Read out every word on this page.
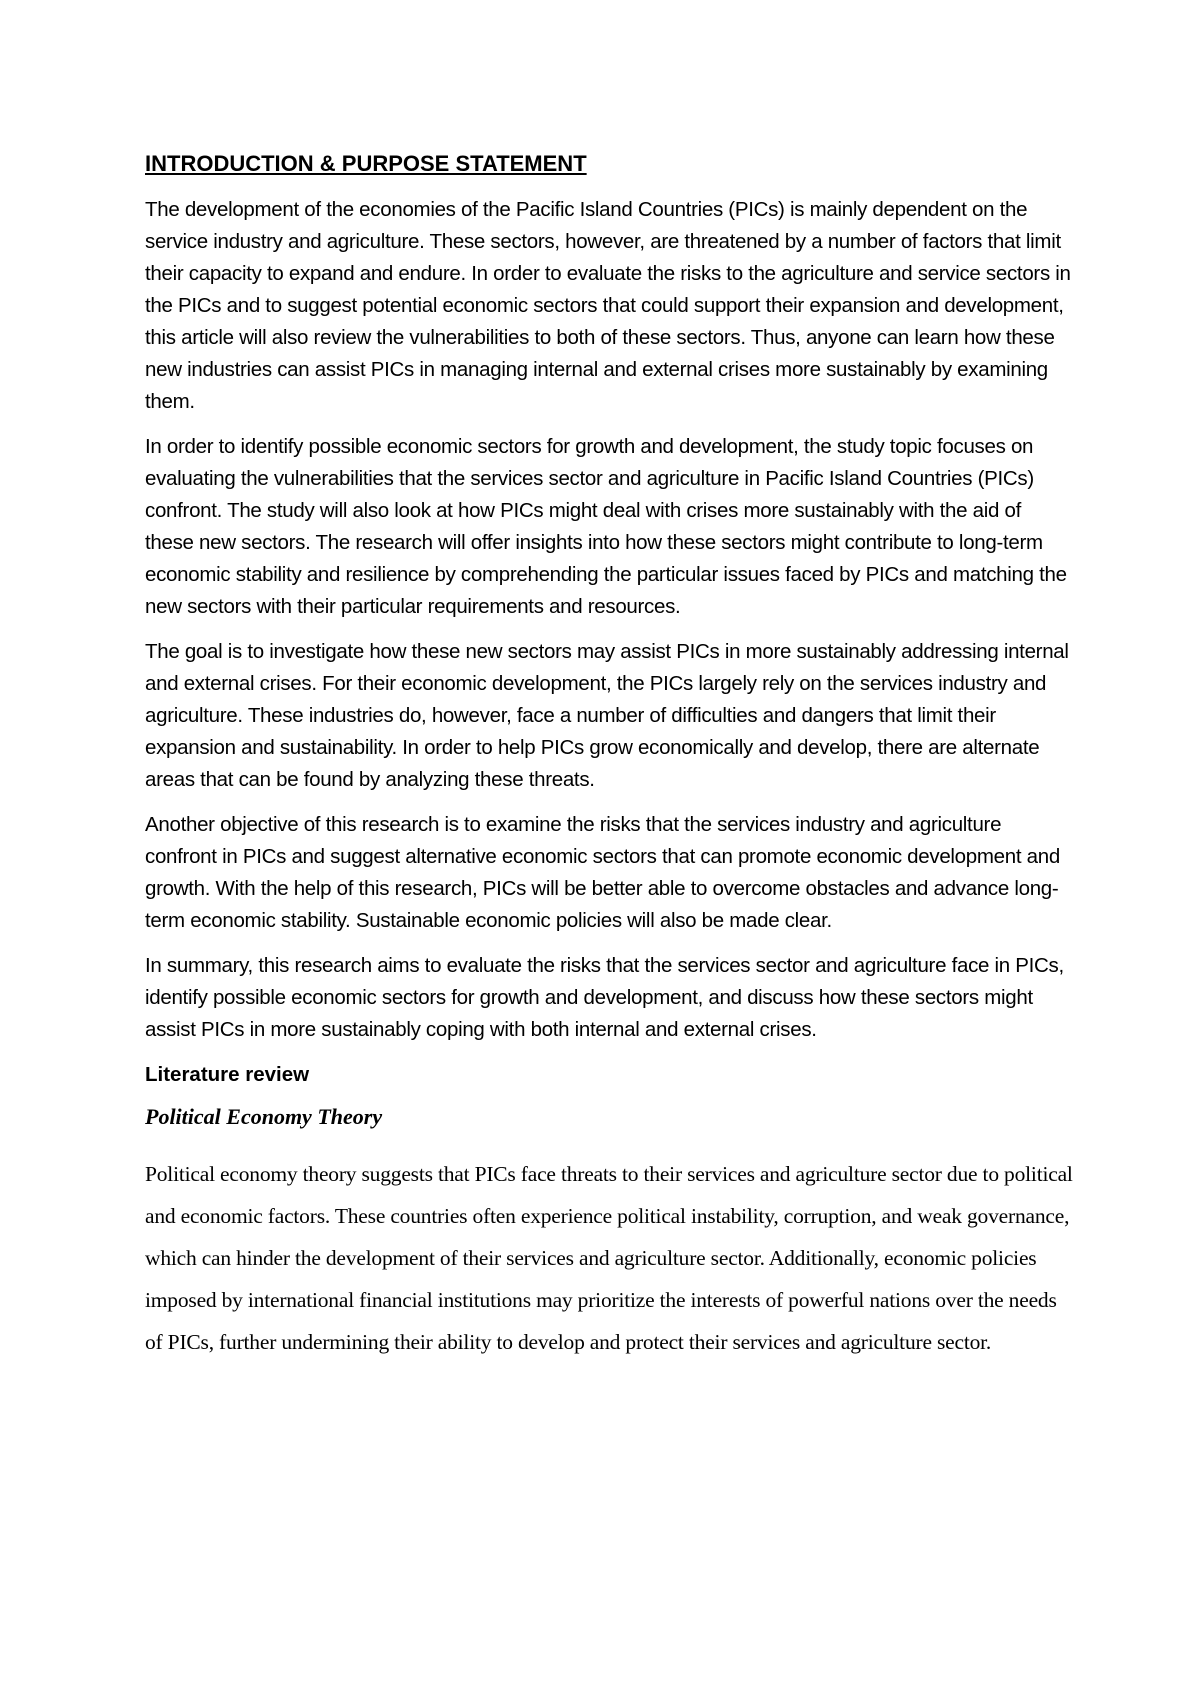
INTRODUCTION & PURPOSE STATEMENT

The development of the economies of the Pacific Island Countries (PICs) is mainly dependent on the service industry and agriculture. These sectors, however, are threatened by a number of factors that limit their capacity to expand and endure. In order to evaluate the risks to the agriculture and service sectors in the PICs and to suggest potential economic sectors that could support their expansion and development, this article will also review the vulnerabilities to both of these sectors. Thus, anyone can learn how these new industries can assist PICs in managing internal and external crises more sustainably by examining them.

In order to identify possible economic sectors for growth and development, the study topic focuses on evaluating the vulnerabilities that the services sector and agriculture in Pacific Island Countries (PICs) confront. The study will also look at how PICs might deal with crises more sustainably with the aid of these new sectors. The research will offer insights into how these sectors might contribute to long-term economic stability and resilience by comprehending the particular issues faced by PICs and matching the new sectors with their particular requirements and resources.

The goal is to investigate how these new sectors may assist PICs in more sustainably addressing internal and external crises. For their economic development, the PICs largely rely on the services industry and agriculture. These industries do, however, face a number of difficulties and dangers that limit their expansion and sustainability. In order to help PICs grow economically and develop, there are alternate areas that can be found by analyzing these threats.

Another objective of this research is to examine the risks that the services industry and agriculture confront in PICs and suggest alternative economic sectors that can promote economic development and growth. With the help of this research, PICs will be better able to overcome obstacles and advance long-term economic stability. Sustainable economic policies will also be made clear.

In summary, this research aims to evaluate the risks that the services sector and agriculture face in PICs, identify possible economic sectors for growth and development, and discuss how these sectors might assist PICs in more sustainably coping with both internal and external crises.

Literature review
Political Economy Theory

Political economy theory suggests that PICs face threats to their services and agriculture sector due to political and economic factors. These countries often experience political instability, corruption, and weak governance, which can hinder the development of their services and agriculture sector. Additionally, economic policies imposed by international financial institutions may prioritize the interests of powerful nations over the needs of PICs, further undermining their ability to develop and protect their services and agriculture sector.
